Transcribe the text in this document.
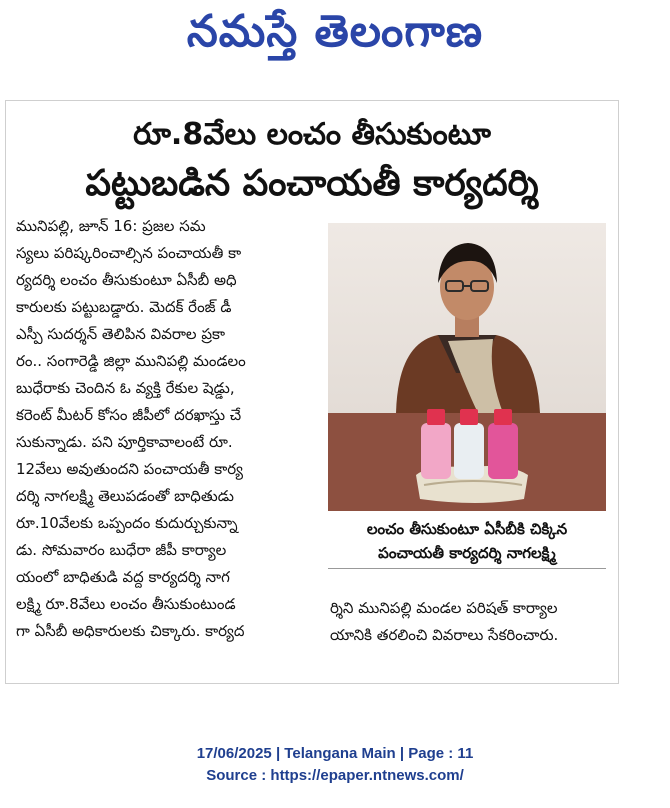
నమస్తే తెలంగాణ
రూ.8వేలు లంచం తీసుకుంటూ
పట్టుబడిన పంచాయతీ కార్యదర్శి
మునిపల్లి, జూన్ 16: ప్రజల సమ
స్యలు పరిష్కరించాల్సిన పంచాయతీ కా
ర్యదర్శి లంచం తీసుకుంటూ ఏసీబీ అధి
కారులకు పట్టుబడ్డారు. మెదక్ రేంజ్ డీ
ఎస్పీ సుదర్శన్ తెలిపిన వివరాల ప్రకా
రం.. సంగారెడ్డి జిల్లా మునిపల్లి మండలం
బుధేరాకు చెందిన ఓ వ్యక్తి రేకుల షెడ్డు,
కరెంట్ మీటర్ కోసం జీపీలో దరఖాస్తు చే
సుకున్నాడు. పని పూర్తికావాలంటే రూ.
12వేలు అవుతుందని పంచాయతీ కార్య
దర్శి నాగలక్ష్మి తెలుపడంతో బాధితుడు
రూ.10వేలకు ఒప్పందం కుదుర్చుకున్నా
డు. సోమవారం బుధేరా జీపీ కార్యాల
యంలో బాధితుడి వద్ద కార్యదర్శి నాగ
లక్ష్మి రూ.8వేలు లంచం తీసుకుంటుండ
గా ఏసీబీ అధికారులకు చిక్కారు. కార్యద
లంచం తీసుకుంటూ ఏసీబీకి చిక్కిన
పంచాయతీ కార్యదర్శి నాగలక్ష్మి
ర్శిని మునిపల్లి మండల పరిషత్ కార్యాల
యానికి తరలించి వివరాలు సేకరించారు.
17/06/2025 | Telangana Main | Page : 11
Source : https://epaper.ntnews.com/
